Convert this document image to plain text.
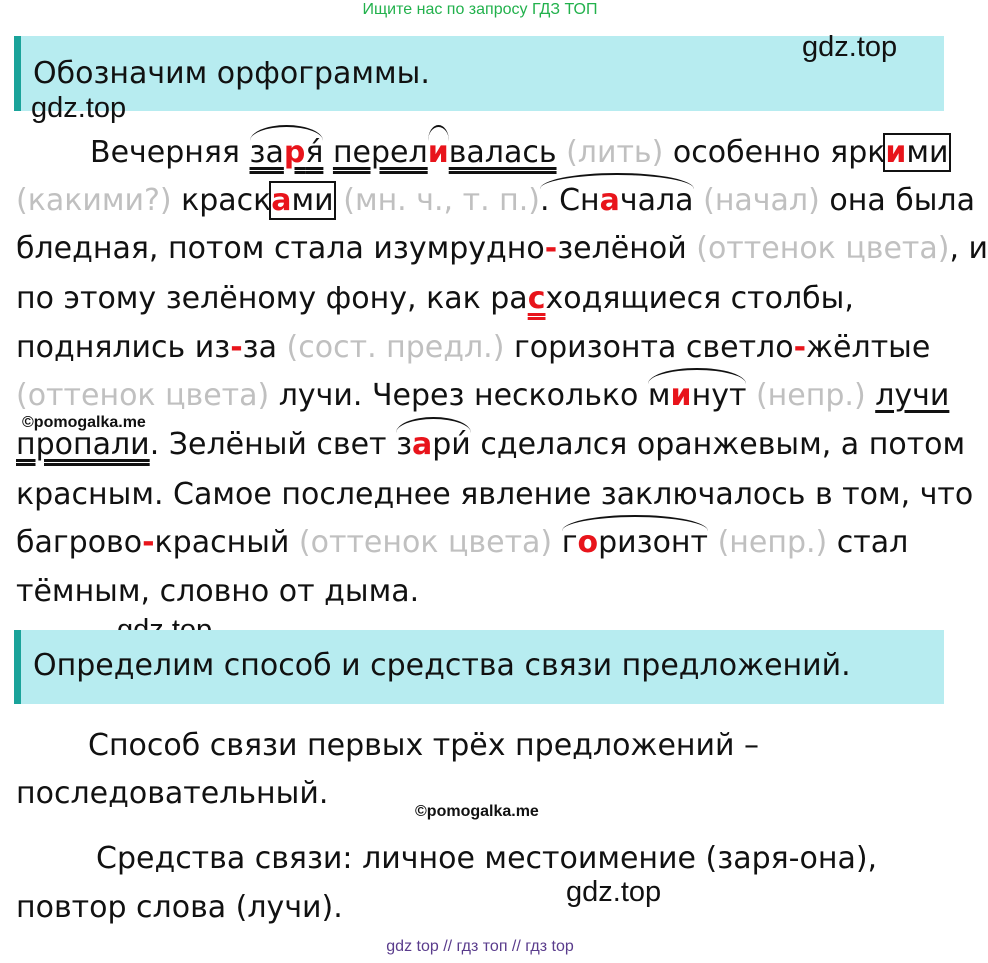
Ищите нас по запросу ГДЗ ТОП
Обозначим орфограммы.
gdz.top
gdz.top
Вечерняя заря́ переливалась (лить) особенно яркими
(какими?) красками (мн. ч., т. п.). Сначала (начал) она была
бледная, потом стала изумрудно-зелёной (оттенок цвета), и
по этому зелёному фону, как расходящиеся столбы,
поднялись из-за (сост. предл.) горизонта светло-жёлтые
(оттенок цвета) лучи. Через несколько минут (непр.) лучи
©pomogalka.me
пропали. Зелёный свет зари́ сделался оранжевым, а потом
красным. Самое последнее явление заключалось в том, что
багрово-красный (оттенок цвета) горизонт (непр.) стал
тёмным, словно от дыма.
Определим способ и средства связи предложений.
Способ связи первых трёх предложений –
последовательный.
©pomogalka.me
Средства связи: личное местоимение (заря-она),
gdz.top
повтор слова (лучи).
gdz top // гдз топ // гдз top
